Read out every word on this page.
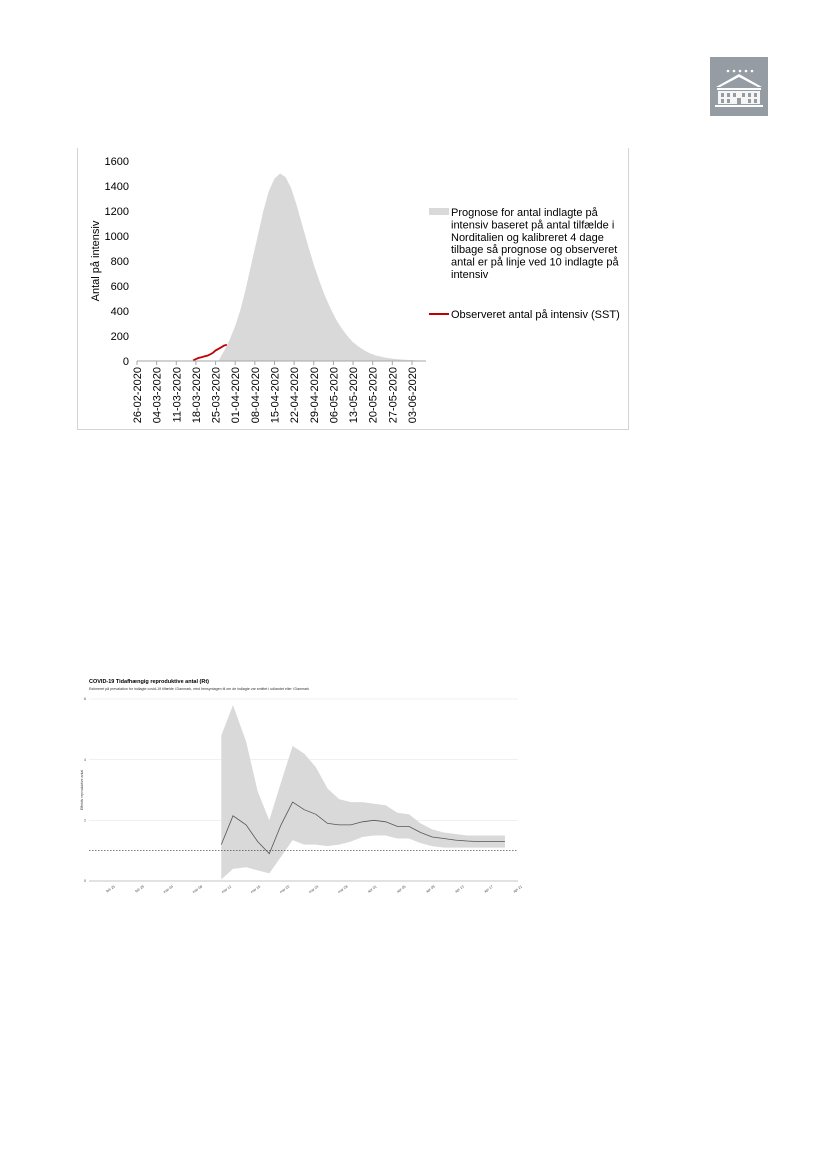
0
200
400
600
800
1000
1200
1400
1600
26-02-2020 04-03-2020 11-03-2020 18-03-2020 25-03-2020 01-04-2020 08-04-2020 15-04-2020 22-04-2020 29-04-2020 06-05-2020 13-05-2020 20-05-2020 27-05-2020 03-06-2020
Antal på intensiv
Prognose for antal indlagte på intensiv baseret på antal tilfælde i Norditalien og kalibreret 4 dage tilbage så prognose og observeret antal er på linje ved 10 indlagte på intensiv
Observeret antal på intensiv (SST)
COVID-19 Tidafhængig reproduktive antal (Rt)
Estimeret på prevalation for indlagte covid-19 tilfælde i Danmark, med hensyntagen til om de indlagte var smittet i udlandet eller i Danmark
0
2
4
6
feb 25	feb 29	mar 04	mar 08	mar 12	mar 16	mar 20	mar 24	mar 28	apr 01	apr 05	apr 09	apr 13	apr 17	apr 21
Effektiv reproduktive antal
